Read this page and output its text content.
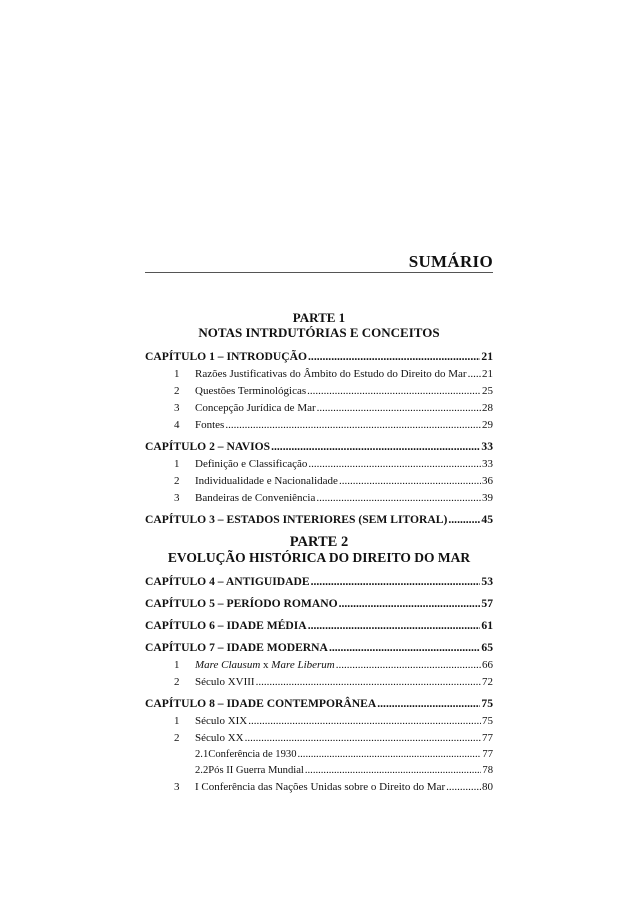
SUMÁRIO
PARTE 1
NOTAS INTRDUTÓRIAS E CONCEITOS
CAPÍTULO 1 – INTRODUÇÃO .....	21
1	Razões Justificativas do Âmbito do Estudo do Direito do Mar ..... 21
2	Questões Terminológicas .....	25
3	Concepção Jurídica de Mar .....	28
4	Fontes .....	29
CAPÍTULO 2 – NAVIOS .....	33
1	Definição e Classificação .....	33
2	Individualidade e Nacionalidade .....	36
3	Bandeiras de Conveniência .....	39
CAPÍTULO 3 – ESTADOS INTERIORES (SEM LITORAL) .....	45
PARTE 2
EVOLUÇÃO HISTÓRICA DO DIREITO DO MAR
CAPÍTULO 4 – ANTIGUIDADE .....	53
CAPÍTULO 5 – PERÍODO ROMANO .....	57
CAPÍTULO 6 – IDADE MÉDIA .....	61
CAPÍTULO 7 – IDADE MODERNA .....	65
1	Mare Clausum x Mare Liberum .....	66
2	Século XVIII .....	72
CAPÍTULO 8 – IDADE CONTEMPORÂNEA .....	75
1	Século XIX .....	75
2	Século XX .....	77
2.1 Conferência de 1930 .....	77
2.2 Pós II Guerra Mundial .....	78
3	I Conferência das Nações Unidas sobre o Direito do Mar .....	80
